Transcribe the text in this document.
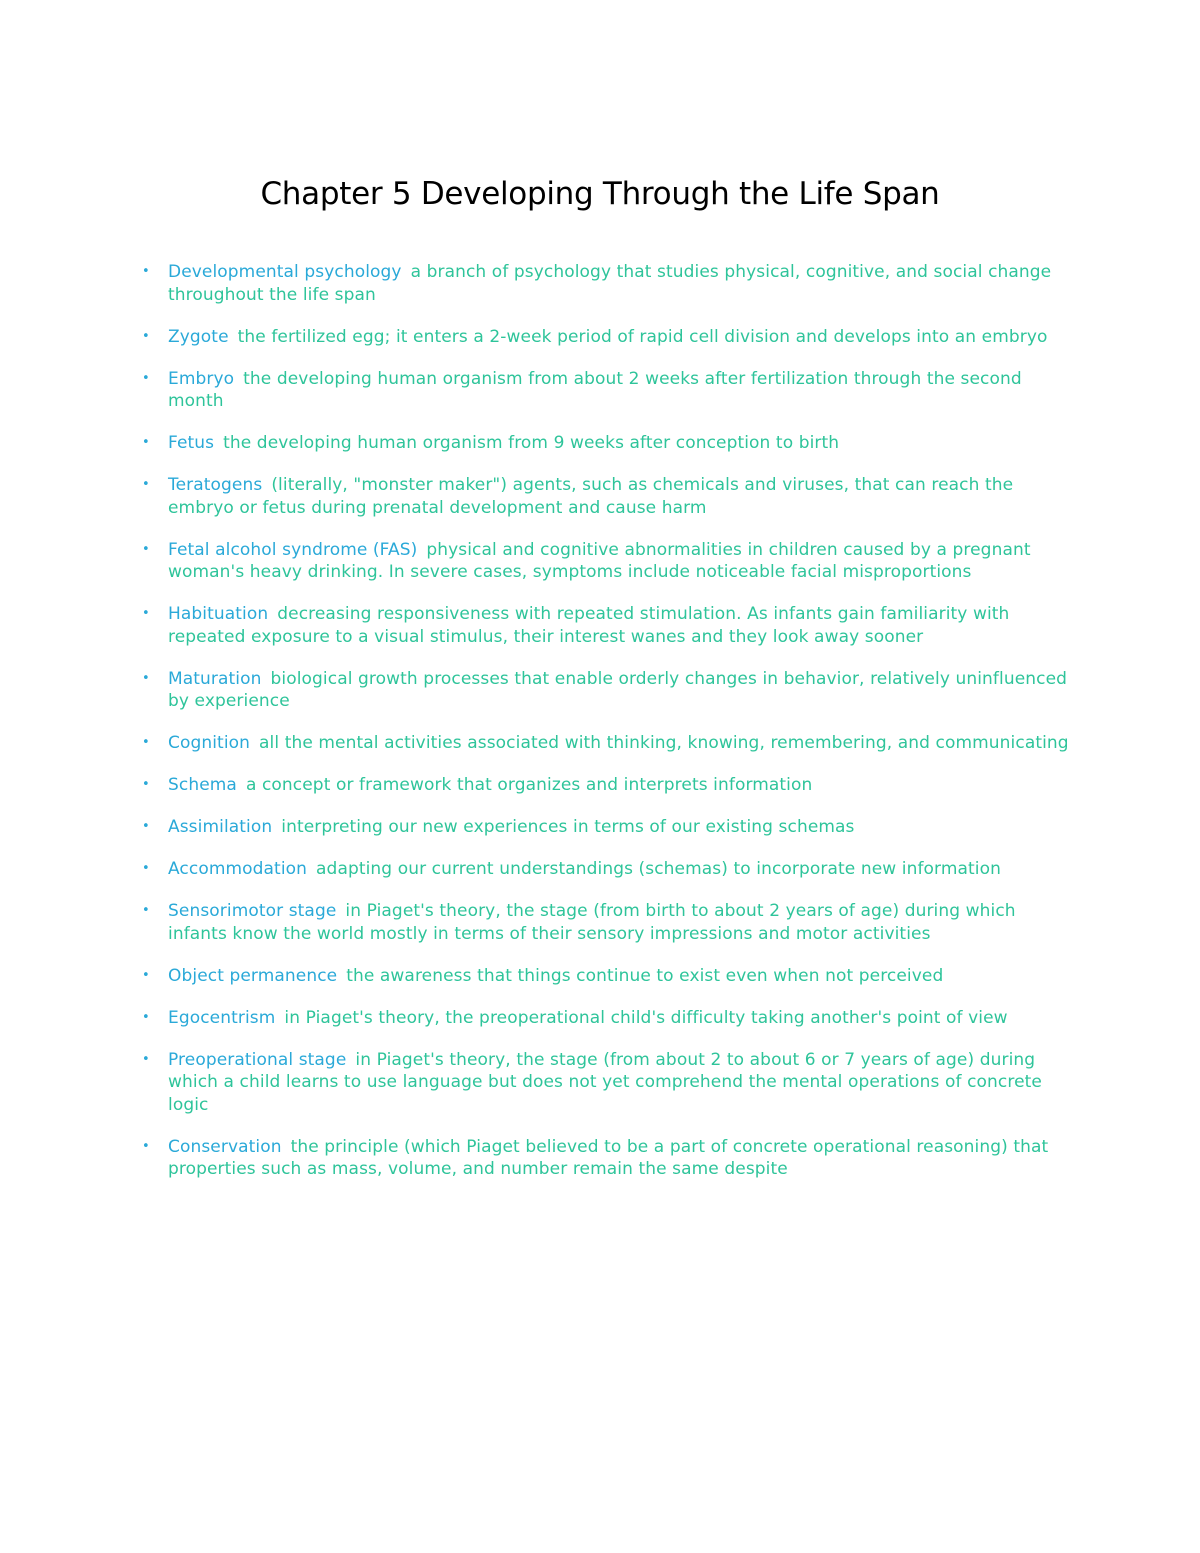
Chapter 5 Developing Through the Life Span
• Developmental psychology a branch of psychology that studies physical, cognitive, and social change throughout the life span
• Zygote the fertilized egg; it enters a 2-week period of rapid cell division and develops into an embryo
• Embryo the developing human organism from about 2 weeks after fertilization through the second month
• Fetus the developing human organism from 9 weeks after conception to birth
• Teratogens (literally, "monster maker") agents, such as chemicals and viruses, that can reach the embryo or fetus during prenatal development and cause harm
• Fetal alcohol syndrome (FAS) physical and cognitive abnormalities in children caused by a pregnant woman's heavy drinking. In severe cases, symptoms include noticeable facial misproportions
• Habituation decreasing responsiveness with repeated stimulation. As infants gain familiarity with repeated exposure to a visual stimulus, their interest wanes and they look away sooner
• Maturation biological growth processes that enable orderly changes in behavior, relatively uninfluenced by experience
• Cognition all the mental activities associated with thinking, knowing, remembering, and communicating
• Schema a concept or framework that organizes and interprets information
• Assimilation interpreting our new experiences in terms of our existing schemas
• Accommodation adapting our current understandings (schemas) to incorporate new information
• Sensorimotor stage in Piaget's theory, the stage (from birth to about 2 years of age) during which infants know the world mostly in terms of their sensory impressions and motor activities
• Object permanence the awareness that things continue to exist even when not perceived
• Egocentrism in Piaget's theory, the preoperational child's difficulty taking another's point of view
• Preoperational stage in Piaget's theory, the stage (from about 2 to about 6 or 7 years of age) during which a child learns to use language but does not yet comprehend the mental operations of concrete logic
• Conservation the principle (which Piaget believed to be a part of concrete operational reasoning) that properties such as mass, volume, and number remain the same despite
